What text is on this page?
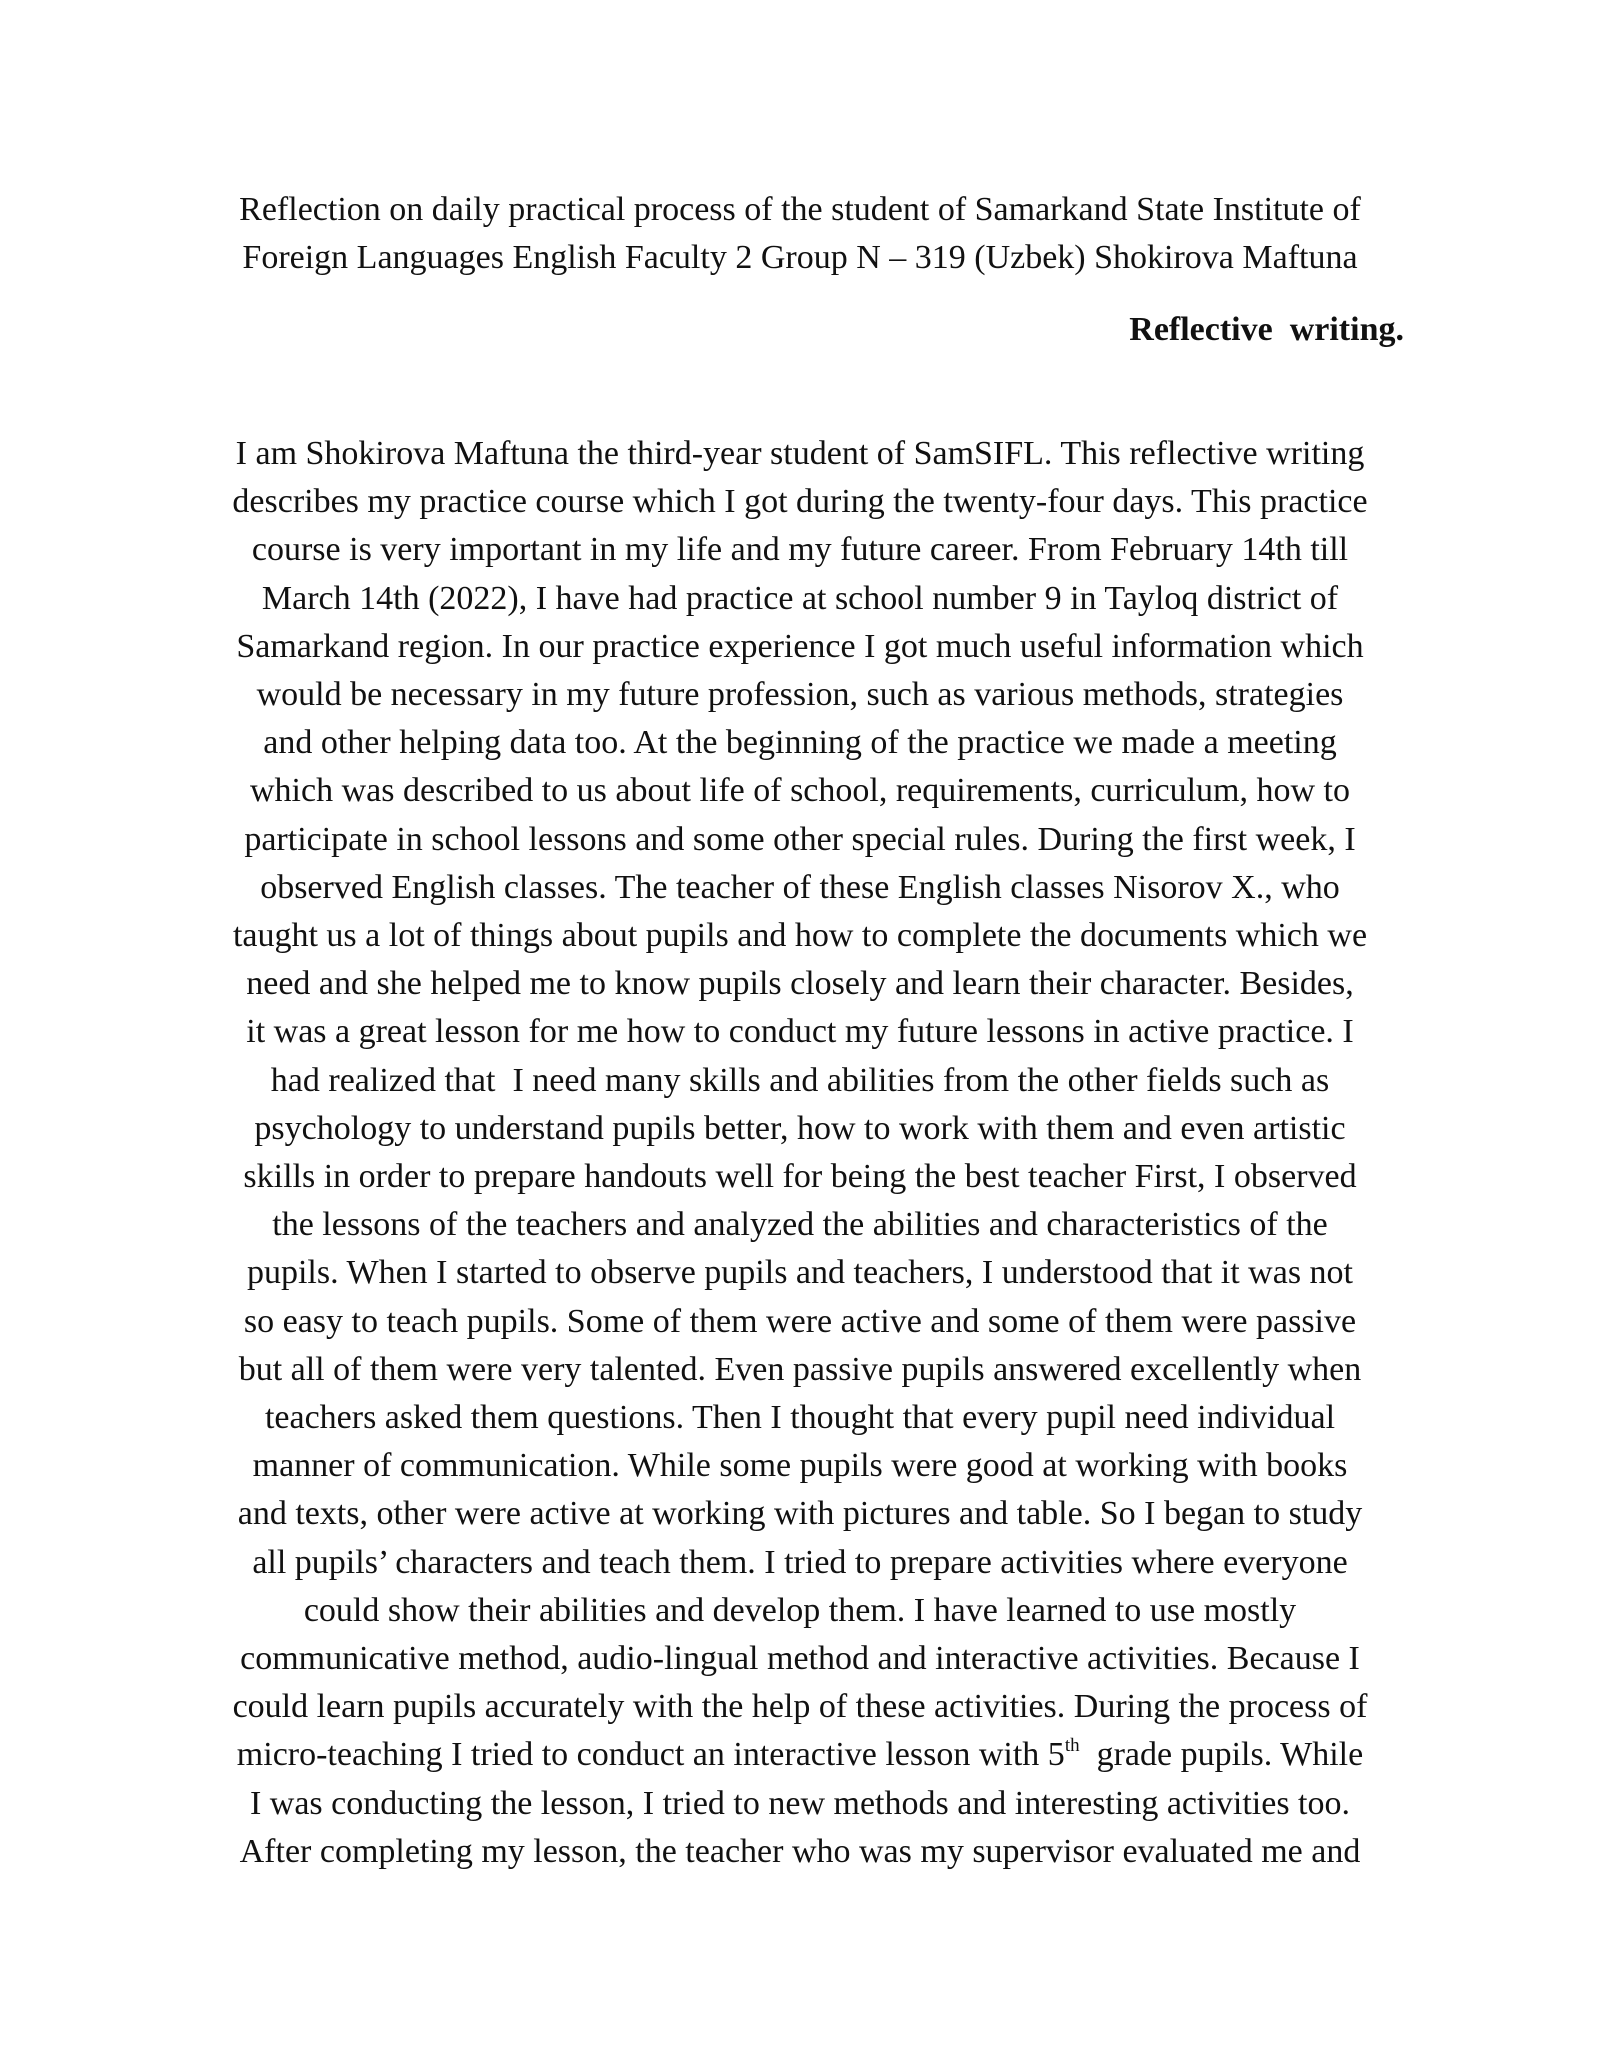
Reflection on daily practical process of the student of Samarkand State Institute of
Foreign Languages English Faculty 2 Group N – 319 (Uzbek) Shokirova Maftuna
Reflective  writing.
I am Shokirova Maftuna the third-year student of SamSIFL. This reflective writing
describes my practice course which I got during the twenty-four days. This practice
course is very important in my life and my future career. From February 14th till
March 14th (2022), I have had practice at school number 9 in Tayloq district of
Samarkand region. In our practice experience I got much useful information which
would be necessary in my future profession, such as various methods, strategies
and other helping data too. At the beginning of the practice we made a meeting
which was described to us about life of school, requirements, curriculum, how to
participate in school lessons and some other special rules. During the first week, I
observed English classes. The teacher of these English classes Nisorov X., who
taught us a lot of things about pupils and how to complete the documents which we
need and she helped me to know pupils closely and learn their character. Besides,
it was a great lesson for me how to conduct my future lessons in active practice. I
had realized that  I need many skills and abilities from the other fields such as
psychology to understand pupils better, how to work with them and even artistic
skills in order to prepare handouts well for being the best teacher First, I observed
the lessons of the teachers and analyzed the abilities and characteristics of the
pupils. When I started to observe pupils and teachers, I understood that it was not
so easy to teach pupils. Some of them were active and some of them were passive
but all of them were very talented. Even passive pupils answered excellently when
teachers asked them questions. Then I thought that every pupil need individual
manner of communication. While some pupils were good at working with books
and texts, other were active at working with pictures and table. So I began to study
all pupils’ characters and teach them. I tried to prepare activities where everyone
could show their abilities and develop them. I have learned to use mostly
communicative method, audio-lingual method and interactive activities. Because I
could learn pupils accurately with the help of these activities. During the process of
micro-teaching I tried to conduct an interactive lesson with 5th  grade pupils. While
I was conducting the lesson, I tried to new methods and interesting activities too.
After completing my lesson, the teacher who was my supervisor evaluated me and
